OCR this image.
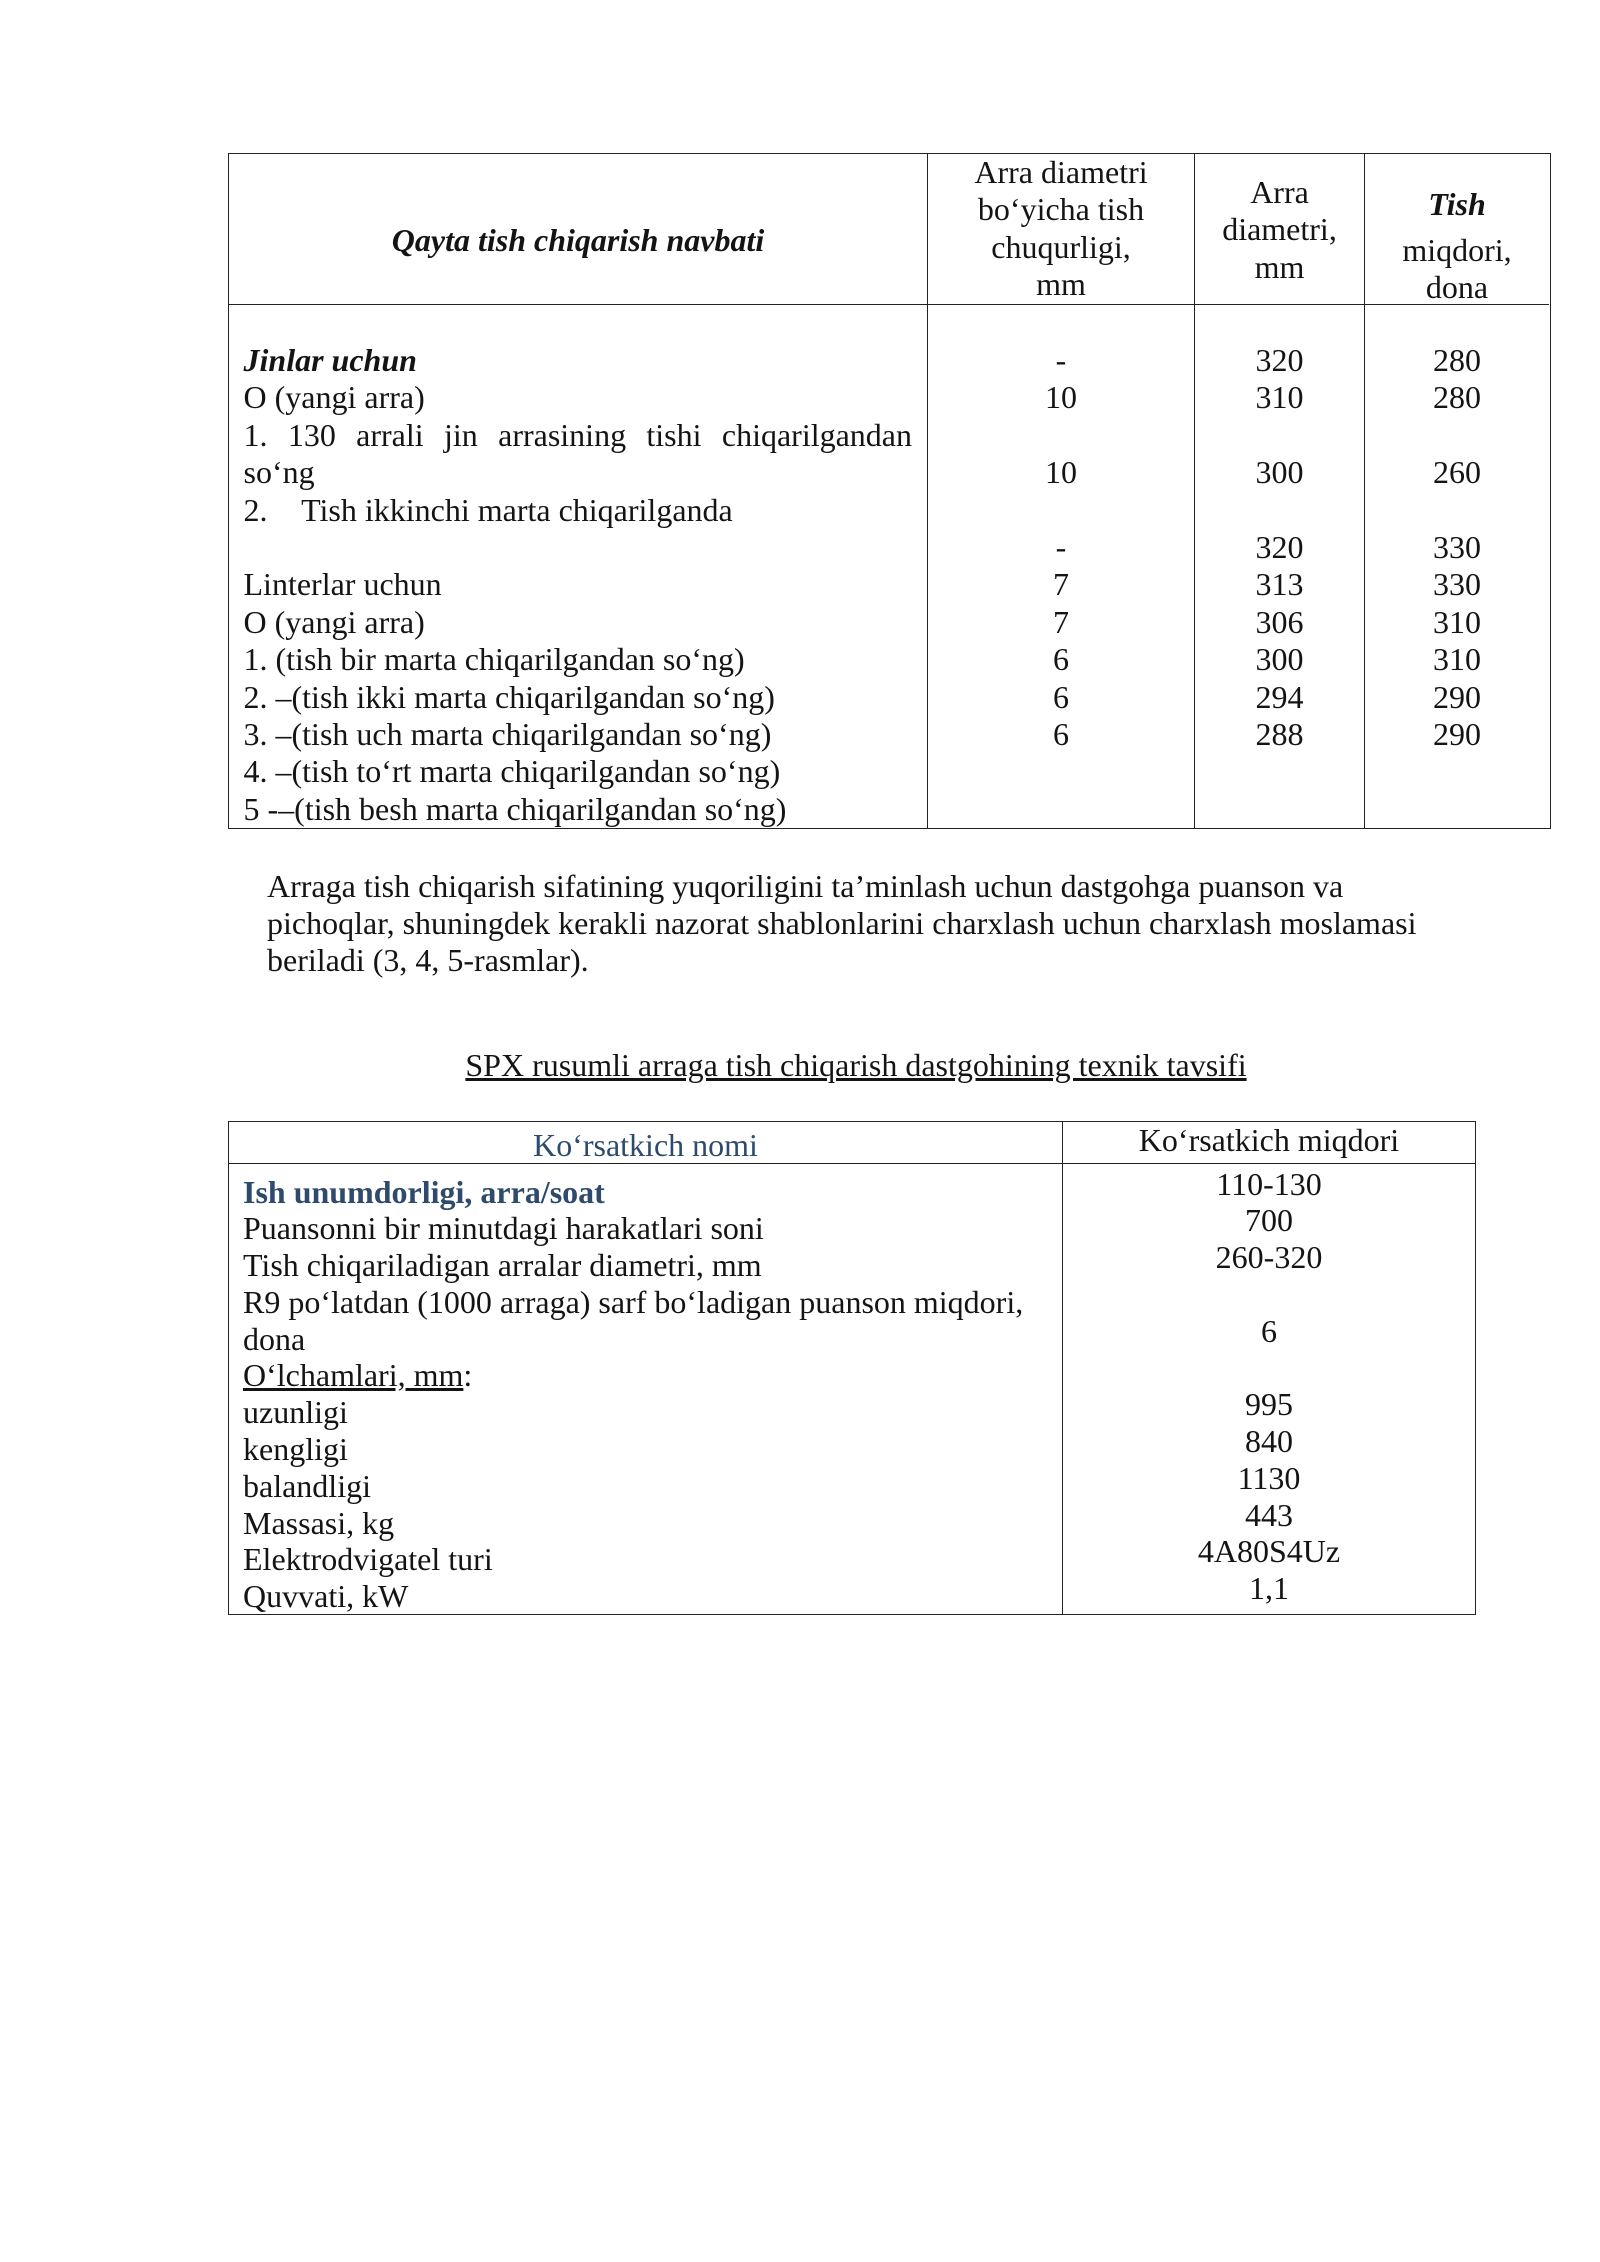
Qayta tish chiqarish navbati
Arra diametri
bo‘yicha tish
chuqurligi,
mm
Arra
diametri,
mm
Tish
miqdori,
dona
Jinlar uchun
O (yangi arra)
1. 130 arrali jin arrasining tishi chiqarilgandan
so‘ng
2. Tish ikkinchi marta chiqarilganda
Linterlar uchun
O (yangi arra)
1. (tish bir marta chiqarilgandan so‘ng)
2. –(tish ikki marta chiqarilgandan so‘ng)
3. –(tish uch marta chiqarilgandan so‘ng)
4. –(tish to‘rt marta chiqarilgandan so‘ng)
5 -–(tish besh marta chiqarilgandan so‘ng)
-
10
10
-
7
7
6
6
6
320
310
300
320
313
306
300
294
288
280
280
260
330
330
310
310
290
290
Arraga tish chiqarish sifatining yuqoriligini ta’minlash uchun dastgohga puanson va
pichoqlar, shuningdek kerakli nazorat shablonlarini charxlash uchun charxlash moslamasi
beriladi (3, 4, 5-rasmlar).
SPX rusumli arraga tish chiqarish dastgohining texnik tavsifi
Ko‘rsatkich nomi	Ko‘rsatkich miqdori
Ish unumdorligi, arra/soat
Puansonni bir minutdagi harakatlari soni
Tish chiqariladigan arralar diametri, mm
R9 po‘latdan (1000 arraga) sarf bo‘ladigan puanson miqdori,
dona
O‘lchamlari, mm:
uzunligi
kengligi
balandligi
Massasi, kg
Elektrodvigatel turi
Quvvati, kW
110-130
700
260-320
6
995
840
1130
443
4A80S4Uz
1,1
